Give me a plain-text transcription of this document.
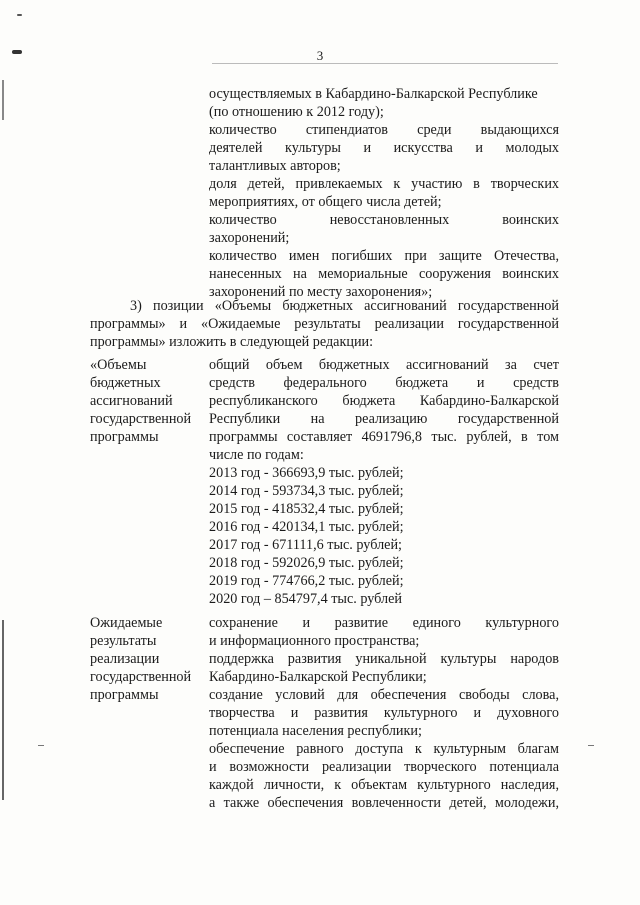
3
осуществляемых в Кабардино-Балкарской Республике
(по отношению к 2012 году);
количество стипендиатов среди выдающихся
деятелей культуры и искусства и молодых
талантливых авторов;
доля детей, привлекаемых к участию в творческих
мероприятиях, от общего числа детей;
количество невосстановленных воинских
захоронений;
количество имен погибших при защите Отечества,
нанесенных на мемориальные сооружения воинских
захоронений по месту захоронения»;
3) позиции «Объемы бюджетных ассигнований государственной
программы» и «Ожидаемые результаты реализации государственной
программы» изложить в следующей редакции:
«Объемы
бюджетных
ассигнований
государственной
программы
общий объем бюджетных ассигнований за счет
средств федерального бюджета и средств
республиканского бюджета Кабардино-Балкарской
Республики на реализацию государственной
программы составляет 4691796,8 тыс. рублей, в том
числе по годам:
2013 год - 366693,9 тыс. рублей;
2014 год - 593734,3 тыс. рублей;
2015 год - 418532,4 тыс. рублей;
2016 год - 420134,1 тыс. рублей;
2017 год - 671111,6 тыс. рублей;
2018 год - 592026,9 тыс. рублей;
2019 год - 774766,2 тыс. рублей;
2020 год – 854797,4 тыс. рублей
Ожидаемые
результаты
реализации
государственной
программы
сохранение и развитие единого культурного
и информационного пространства;
поддержка развития уникальной культуры народов
Кабардино-Балкарской Республики;
создание условий для обеспечения свободы слова,
творчества и развития культурного и духовного
потенциала населения республики;
обеспечение равного доступа к культурным благам
и возможности реализации творческого потенциала
каждой личности, к объектам культурного наследия,
а также обеспечения вовлеченности детей, молодежи,
